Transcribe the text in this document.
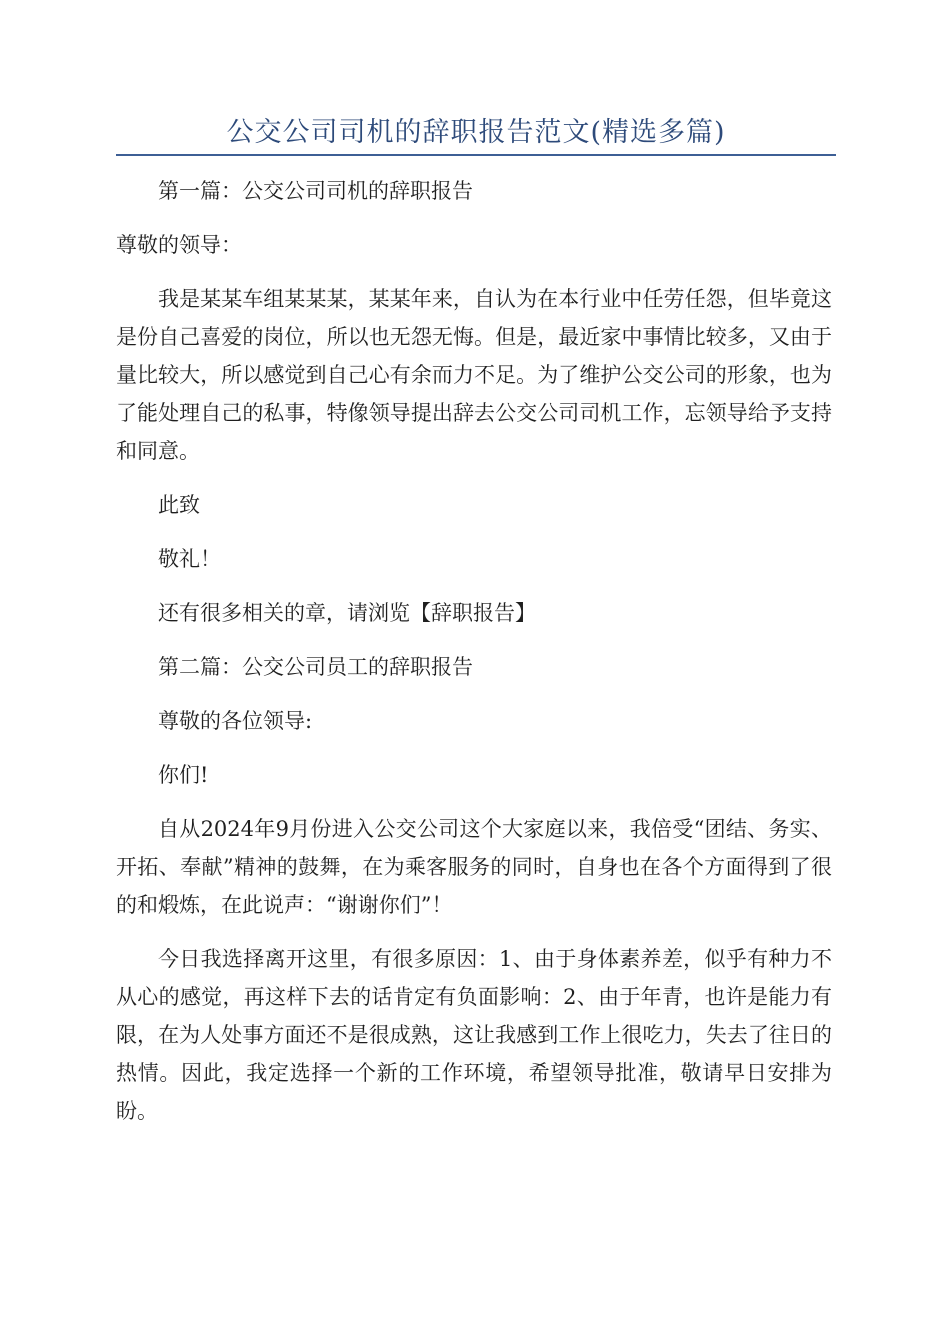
公交公司司机的辞职报告范文(精选多篇)

第一篇：公交公司司机的辞职报告

尊敬的领导：

我是某某车组某某某，某某年来，自认为在本行业中任劳任怨，但毕竟这是份自己喜爱的岗位，所以也无怨无悔。但是，最近家中事情比较多，又由于量比较大，所以感觉到自己心有余而力不足。为了维护公交公司的形象，也为了能处理自己的私事，特像领导提出辞去公交公司司机工作，忘领导给予支持和同意。

此致

敬礼！

还有很多相关的章，请浏览【辞职报告】

第二篇：公交公司员工的辞职报告

尊敬的各位领导:

你们!

自从2024年9月份进入公交公司这个大家庭以来，我倍受“团结、务实、开拓、奉献”精神的鼓舞，在为乘客服务的同时，自身也在各个方面得到了很的和煅炼，在此说声：“谢谢你们”！

今日我选择离开这里，有很多原因：1、由于身体素养差，似乎有种力不从心的感觉，再这样下去的话肯定有负面影响：2、由于年青，也许是能力有限，在为人处事方面还不是很成熟，这让我感到工作上很吃力，失去了往日的热情。因此，我定选择一个新的工作环境，希望领导批准，敬请早日安排为盼。
